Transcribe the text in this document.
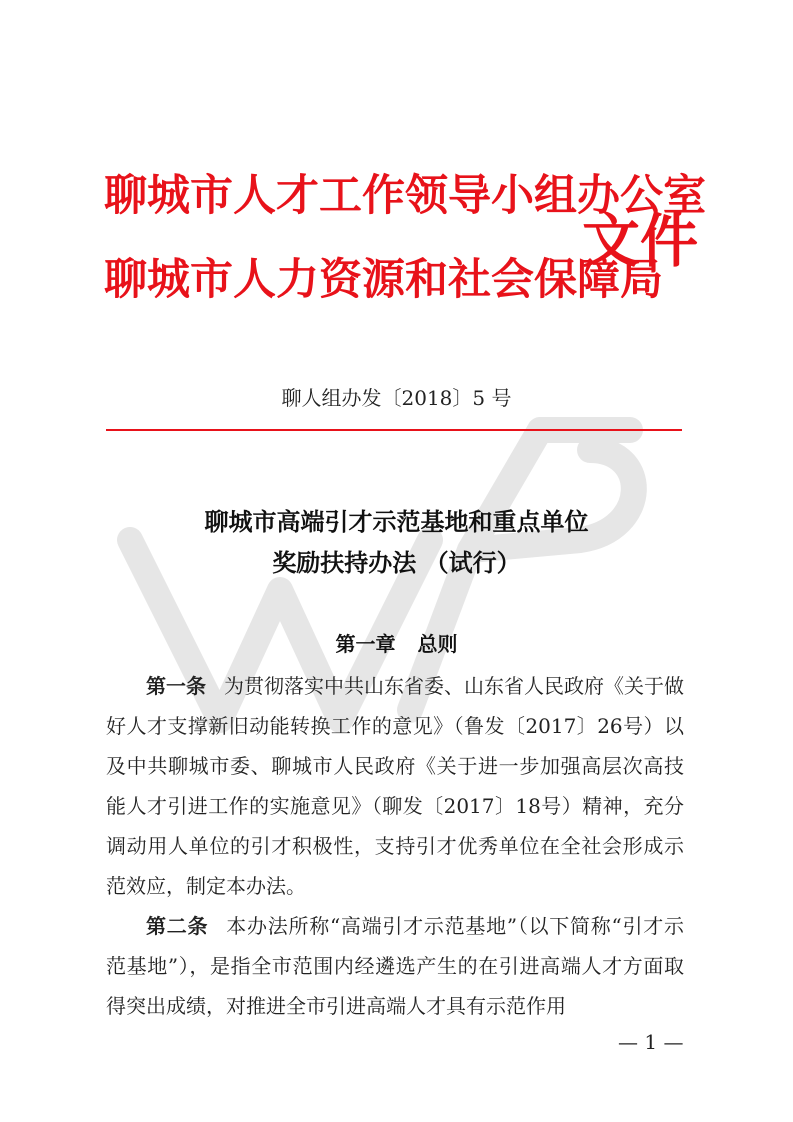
聊城市人才工作领导小组办公室
聊城市人力资源和社会保障局
文件
聊人组办发〔2018〕5 号
聊城市高端引才示范基地和重点单位
奖励扶持办法 （试行）
第一章 总则

第一条 为贯彻落实中共山东省委、山东省人民政府《关于做好人才支撑新旧动能转换工作的意见》（鲁发〔2017〕26号）以及中共聊城市委、聊城市人民政府《关于进一步加强高层次高技能人才引进工作的实施意见》（聊发〔2017〕18号）精神，充分调动用人单位的引才积极性，支持引才优秀单位在全社会形成示范效应，制定本办法。

第二条 本办法所称“高端引才示范基地”（以下简称“引才示范基地”），是指全市范围内经遴选产生的在引进高端人才方面取得突出成绩，对推进全市引进高端人才具有示范作用

— 1 —
